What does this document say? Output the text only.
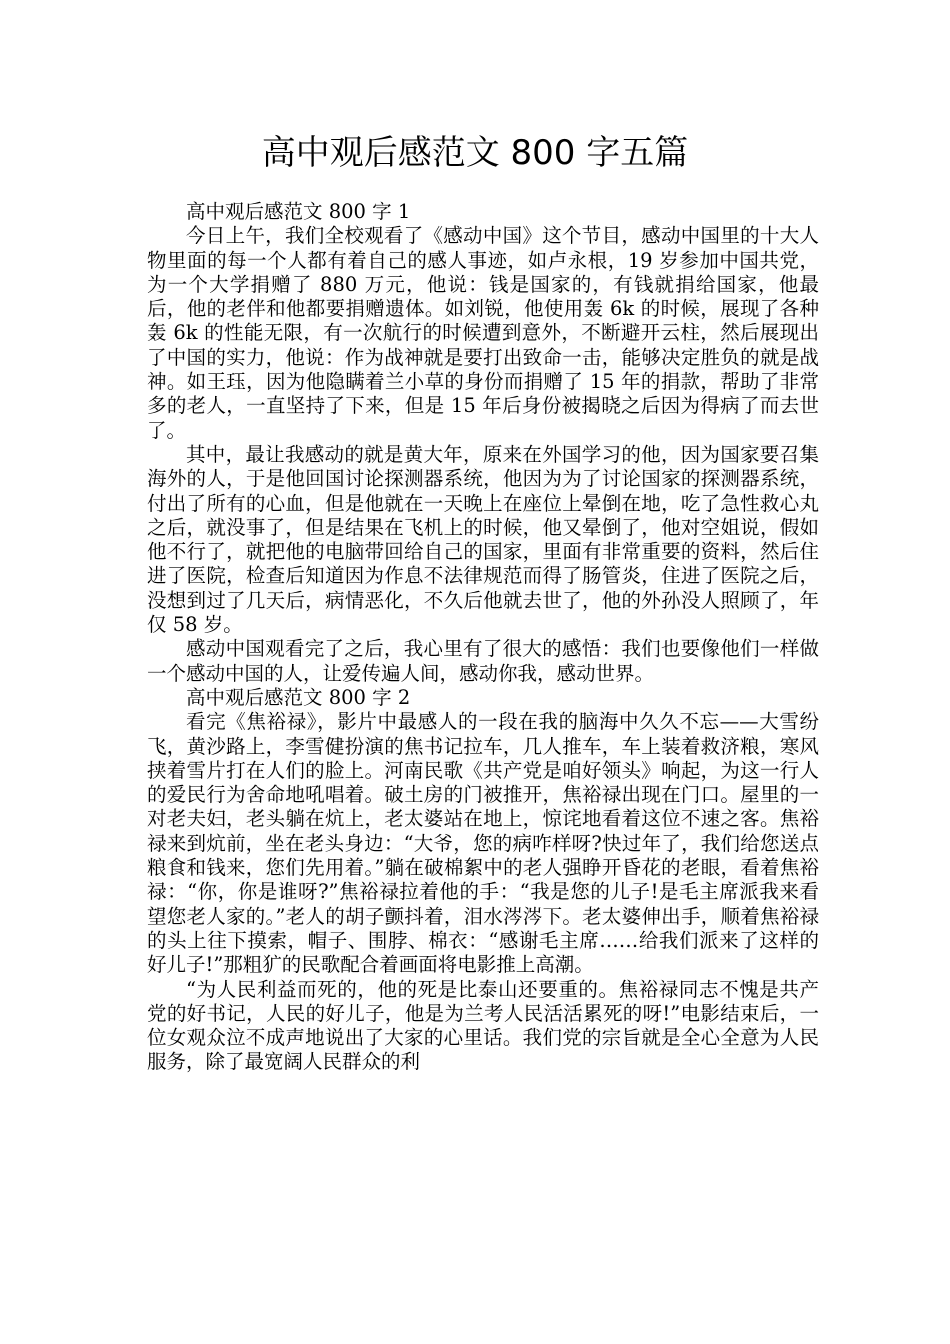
高中观后感范文 800 字五篇

高中观后感范文 800 字 1

今日上午，我们全校观看了《感动中国》这个节目，感动中国里的十大人物里面的每一个人都有着自己的感人事迹，如卢永根，19 岁参加中国共党，为一个大学捐赠了 880 万元，他说：钱是国家的，有钱就捐给国家，他最后，他的老伴和他都要捐赠遗体。如刘锐，他使用轰 6k 的时候，展现了各种轰 6k 的性能无限，有一次航行的时候遭到意外，不断避开云柱，然后展现出了中国的实力，他说：作为战神就是要打出致命一击，能够决定胜负的就是战神。如王珏，因为他隐瞒着兰小草的身份而捐赠了 15 年的捐款，帮助了非常多的老人，一直坚持了下来，但是 15 年后身份被揭晓之后因为得病了而去世了。

其中，最让我感动的就是黄大年，原来在外国学习的他，因为国家要召集海外的人，于是他回国讨论探测器系统，他因为为了讨论国家的探测器系统，付出了所有的心血，但是他就在一天晚上在座位上晕倒在地，吃了急性救心丸之后，就没事了，但是结果在飞机上的时候，他又晕倒了，他对空姐说，假如他不行了，就把他的电脑带回给自己的国家，里面有非常重要的资料，然后住进了医院，检查后知道因为作息不法律规范而得了肠管炎，住进了医院之后，没想到过了几天后，病情恶化，不久后他就去世了，他的外孙没人照顾了，年仅 58 岁。

感动中国观看完了之后，我心里有了很大的感悟：我们也要像他们一样做一个感动中国的人，让爱传遍人间，感动你我，感动世界。

高中观后感范文 800 字 2

看完《焦裕禄》，影片中最感人的一段在我的脑海中久久不忘——大雪纷飞，黄沙路上，李雪健扮演的焦书记拉车，几人推车，车上装着救济粮，寒风挟着雪片打在人们的脸上。河南民歌《共产党是咱好领头》响起，为这一行人的爱民行为舍命地吼唱着。破土房的门被推开，焦裕禄出现在门口。屋里的一对老夫妇，老头躺在炕上，老太婆站在地上，惊诧地看着这位不速之客。焦裕禄来到炕前，坐在老头身边：“大爷，您的病咋样呀?快过年了，我们给您送点粮食和钱来，您们先用着。”躺在破棉絮中的老人强睁开昏花的老眼，看着焦裕禄：“你，你是谁呀?”焦裕禄拉着他的手：“我是您的儿子!是毛主席派我来看望您老人家的。”老人的胡子颤抖着，泪水涔涔下。老太婆伸出手，顺着焦裕禄的头上往下摸索，帽子、围脖、棉衣：“感谢毛主席……给我们派来了这样的好儿子!”那粗犷的民歌配合着画面将电影推上高潮。

“为人民利益而死的，他的死是比泰山还要重的。焦裕禄同志不愧是共产党的好书记，人民的好儿子，他是为兰考人民活活累死的呀!”电影结束后，一位女观众泣不成声地说出了大家的心里话。我们党的宗旨就是全心全意为人民服务，除了最宽阔人民群众的利
